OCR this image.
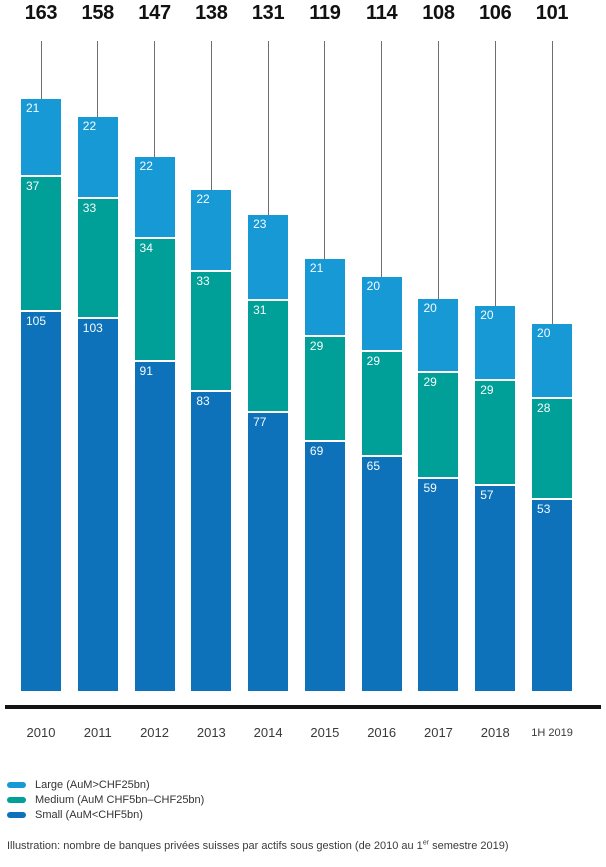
163
21
37
105
2010
158
22
33
103
2011
147
22
34
91
2012
138
22
33
83
2013
131
23
31
77
2014
119
21
29
69
2015
114
20
29
65
2016
108
20
29
59
2017
106
20
29
57
2018
101
20
28
53
1H 2019
Large (AuM>CHF25bn)
Medium (AuM CHF5bn–CHF25bn)
Small (AuM<CHF5bn)
Illustration: nombre de banques privées suisses par actifs sous gestion (de 2010 au 1er semestre 2019)
